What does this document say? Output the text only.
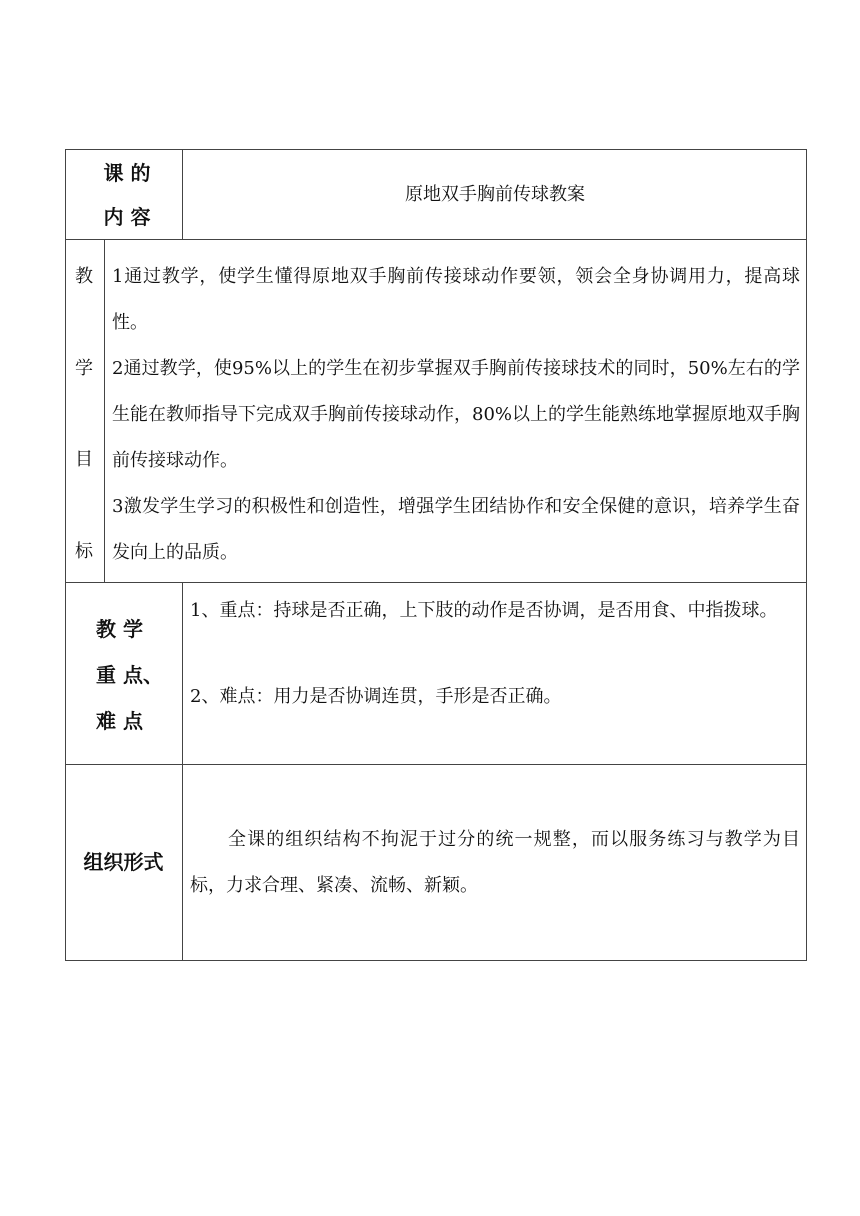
课 的
内 容
原地双手胸前传球教案
教
学
目
标
1通过教学，使学生懂得原地双手胸前传接球动作要领，领会全身协调用力，提高球性。
2通过教学，使95%以上的学生在初步掌握双手胸前传接球技术的同时，50%左右的学生能在教师指导下完成双手胸前传接球动作，80%以上的学生能熟练地掌握原地双手胸前传接球动作。
3激发学生学习的积极性和创造性，增强学生团结协作和安全保健的意识，培养学生奋发向上的品质。
教 学
重 点、
难 点
1、重点：持球是否正确，上下肢的动作是否协调，是否用食、中指拨球。
2、难点：用力是否协调连贯，手形是否正确。
组织形式
全课的组织结构不拘泥于过分的统一规整，而以服务练习与教学为目标，力求合理、紧凑、流畅、新颖。
